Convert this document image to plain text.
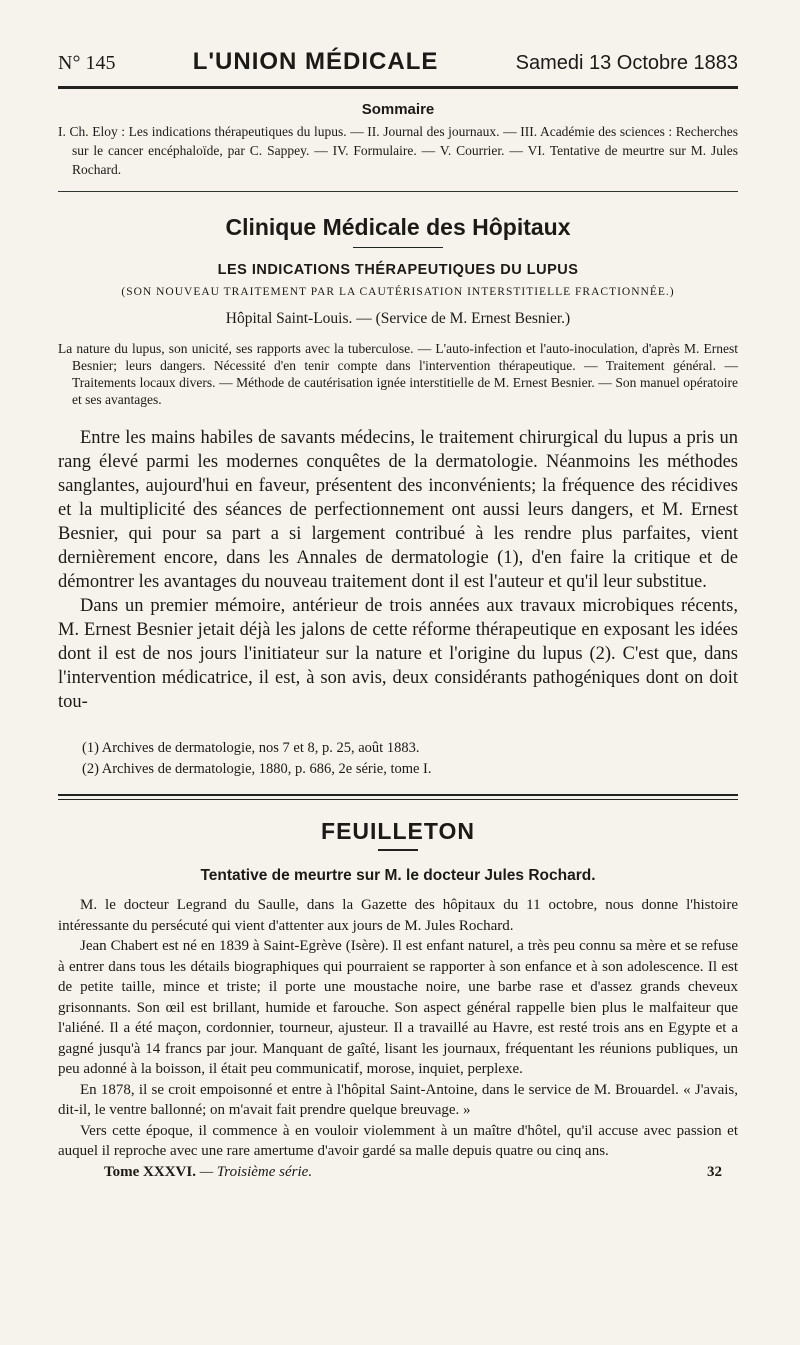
N° 145	L'UNION MÉDICALE	Samedi 13 Octobre 1883
Sommaire
I. Ch. Eloy : Les indications thérapeutiques du lupus. — II. Journal des journaux. — III. Académie des sciences : Recherches sur le cancer encéphaloïde, par C. Sappey. — IV. Formulaire. — V. Courrier. — VI. Tentative de meurtre sur M. Jules Rochard.
Clinique Médicale des Hôpitaux
LES INDICATIONS THÉRAPEUTIQUES DU LUPUS
(SON NOUVEAU TRAITEMENT PAR LA CAUTÉRISATION INTERSTITIELLE FRACTIONNÉE.)
Hôpital Saint-Louis. — (Service de M. Ernest Besnier.)
La nature du lupus, son unicité, ses rapports avec la tuberculose. — L'auto-infection et l'auto-inoculation, d'après M. Ernest Besnier; leurs dangers. Nécessité d'en tenir compte dans l'intervention thérapeutique. — Traitement général. — Traitements locaux divers. — Méthode de cautérisation ignée interstitielle de M. Ernest Besnier. — Son manuel opératoire et ses avantages.

Entre les mains habiles de savants médecins, le traitement chirurgical du lupus a pris un rang élevé parmi les modernes conquêtes de la dermatologie. Néanmoins les méthodes sanglantes, aujourd'hui en faveur, présentent des inconvénients; la fréquence des récidives et la multiplicité des séances de perfectionnement ont aussi leurs dangers, et M. Ernest Besnier, qui pour sa part a si largement contribué à les rendre plus parfaites, vient dernièrement encore, dans les Annales de dermatologie (1), d'en faire la critique et de démontrer les avantages du nouveau traitement dont il est l'auteur et qu'il leur substitue.

Dans un premier mémoire, antérieur de trois années aux travaux microbiques récents, M. Ernest Besnier jetait déjà les jalons de cette réforme thérapeutique en exposant les idées dont il est de nos jours l'initiateur sur la nature et l'origine du lupus (2). C'est que, dans l'intervention médicatrice, il est, à son avis, deux considérants pathogéniques dont on doit tou-

(1) Archives de dermatologie, nos 7 et 8, p. 25, août 1883.
(2) Archives de dermatologie, 1880, p. 686, 2e série, tome I.
FEUILLETON
Tentative de meurtre sur M. le docteur Jules Rochard.

M. le docteur Legrand du Saulle, dans la Gazette des hôpitaux du 11 octobre, nous donne l'histoire intéressante du persécuté qui vient d'attenter aux jours de M. Jules Rochard.

Jean Chabert est né en 1839 à Saint-Egrève (Isère). Il est enfant naturel, a très peu connu sa mère et se refuse à entrer dans tous les détails biographiques qui pourraient se rapporter à son enfance et à son adolescence. Il est de petite taille, mince et triste; il porte une moustache noire, une barbe rase et d'assez grands cheveux grisonnants. Son œil est brillant, humide et farouche. Son aspect général rappelle bien plus le malfaiteur que l'aliéné. Il a été maçon, cordonnier, tourneur, ajusteur. Il a travaillé au Havre, est resté trois ans en Egypte et a gagné jusqu'à 14 francs par jour. Manquant de gaîté, lisant les journaux, fréquentant les réunions publiques, un peu adonné à la boisson, il était peu communicatif, morose, inquiet, perplexe.

En 1878, il se croit empoisonné et entre à l'hôpital Saint-Antoine, dans le service de M. Brouardel. « J'avais, dit-il, le ventre ballonné; on m'avait fait prendre quelque breuvage. »

Vers cette époque, il commence à en vouloir violemment à un maître d'hôtel, qu'il accuse avec passion et auquel il reproche avec une rare amertume d'avoir gardé sa malle depuis quatre ou cinq ans.

Tome XXXVI. — Troisième série.	32
